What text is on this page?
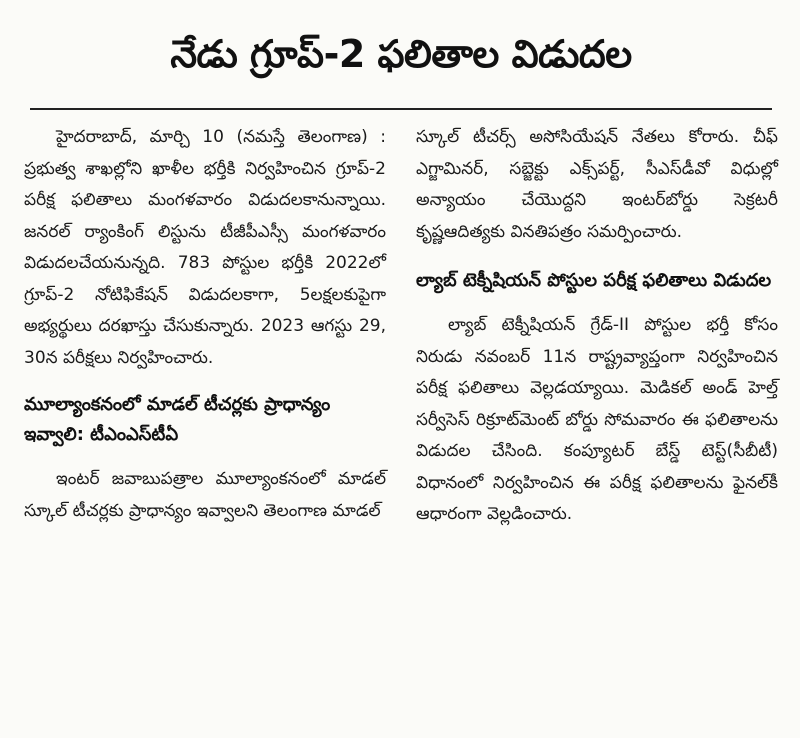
నేడు గ్రూప్-2 ఫలితాల విడుదల

హైదరాబాద్, మార్చి 10 (నమస్తే తెలంగాణ) : ప్రభుత్వ శాఖల్లోని ఖాళీల భర్తీకి నిర్వహించిన గ్రూప్-2 పరీక్ష ఫలితాలు మంగళవారం విడుదలకానున్నాయి. జనరల్ ర్యాంకింగ్ లిస్టును టీజీపీఎస్సీ మంగళవారం విడుదలచేయనున్నది. 783 పోస్టుల భర్తీకి 2022లో గ్రూప్-2 నోటిఫికేషన్ విడుదలకాగా, 5లక్షలకుపైగా అభ్యర్థులు దరఖాస్తు చేసుకున్నారు. 2023 ఆగస్టు 29, 30న పరీక్షలు నిర్వహించారు.

మూల్యాంకనంలో మాడల్ టీచర్లకు ప్రాధాన్యం ఇవ్వాలి: టీఎంఎస్‌టీఏ

ఇంటర్ జవాబుపత్రాల మూల్యాంకనంలో మాడల్ స్కూల్ టీచర్లకు ప్రాధాన్యం ఇవ్వాలని తెలంగాణ మాడల్

స్కూల్ టీచర్స్ అసోసియేషన్ నేతలు కోరారు. చీఫ్ ఎగ్జామినర్, సబ్జెక్టు ఎక్స్‌పర్ట్, సీఎస్‌డీవో విధుల్లో అన్యాయం చేయొద్దని ఇంటర్‌బోర్డు సెక్రటరీ కృష్ణఆదిత్యకు వినతిపత్రం సమర్పించారు.

ల్యాబ్ టెక్నీషియన్ పోస్టుల పరీక్ష ఫలితాలు విడుదల

ల్యాబ్ టెక్నీషియన్ గ్రేడ్-II పోస్టుల భర్తీ కోసం నిరుడు నవంబర్ 11న రాష్ట్రవ్యాప్తంగా నిర్వహించిన పరీక్ష ఫలితాలు వెల్లడయ్యాయి. మెడికల్ అండ్ హెల్త్ సర్వీసెస్ రిక్రూట్‌మెంట్ బోర్డు సోమవారం ఈ ఫలితాలను విడుదల చేసింది. కంప్యూటర్ బేస్డ్ టెస్ట్(సీబీటీ) విధానంలో నిర్వహించిన ఈ పరీక్ష ఫలితాలను ఫైనల్‌కీ ఆధారంగా వెల్లడించారు.
